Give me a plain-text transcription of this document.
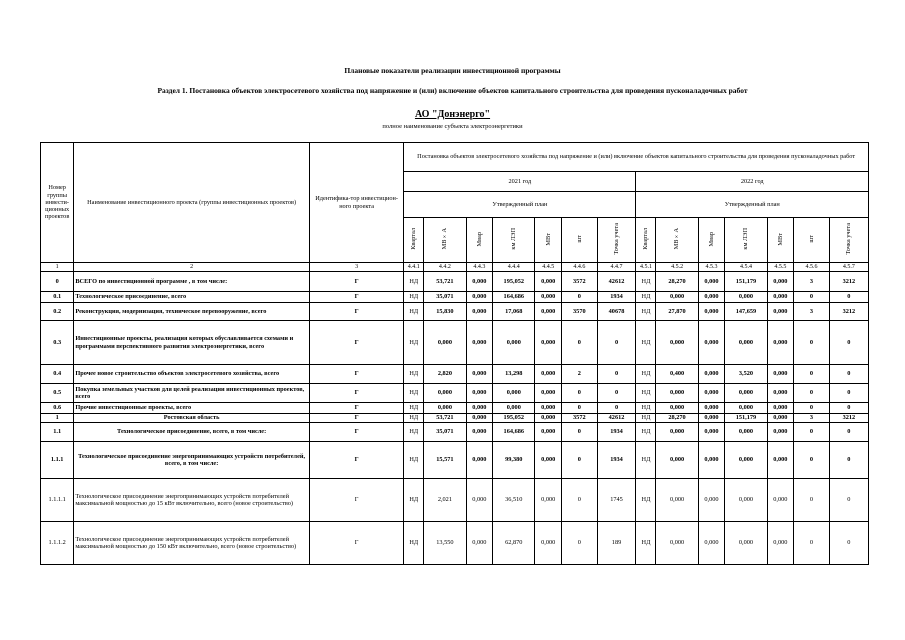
Плановые показатели реализации инвестиционной программы
Раздел 1. Постановка объектов электросетевого хозяйства под напряжение и (или) включение объектов капитального строительства для проведения пусконаладочных работ
АО "Донэнерго"
полное наименование субъекта электроэнергетики
Номер группы инвести-ционных проектов	Наименование инвестиционного проекта (группы инвестиционных проектов)	Идентифика-тор инвестицион-ного проекта	Постановка объектов электросетевого хозяйства под напряжение и (или) включение объектов капитального строительства для проведения пусконаладочных работ													
			2021 год							2022 год						
			Утвержденный план							Утвержденный план						
			Квартал	МВ×А	Мвар	км ЛЭП	МВт	шт	Точка учета	Квартал	МВ×А	Мвар	км ЛЭП	МВт	шт	Точка учета
1	2	3	4.4.1	4.4.2	4.4.3	4.4.4	4.4.5	4.4.6	4.4.7	4.5.1	4.5.2	4.5.3	4.5.4	4.5.5	4.5.6	4.5.7
0	ВСЕГО по инвестиционной программе , в том числе:	Г	НД	53,721	0,000	195,052	0,000	3572	42612	НД	28,270	0,000	151,179	0,000	3	3212
0.1	Технологическое присоединение, всего	Г	НД	35,071	0,000	164,686	0,000	0	1934	НД	0,000	0,000	0,000	0,000	0	0
0.2	Реконструкция, модернизация, техническое перевооружение, всего	Г	НД	15,830	0,000	17,068	0,000	3570	40678	НД	27,870	0,000	147,659	0,000	3	3212
0.3	Инвестиционные проекты, реализация которых обуславливается схемами и программами перспективного развития электроэнергетики, всего	Г	НД	0,000	0,000	0,000	0,000	0	0	НД	0,000	0,000	0,000	0,000	0	0
0.4	Прочее новое строительство объектов электросетевого хозяйства, всего	Г	НД	2,820	0,000	13,298	0,000	2	0	НД	0,400	0,000	3,520	0,000	0	0
0.5	Покупка земельных участков для целей реализации инвестиционных проектов, всего	Г	НД	0,000	0,000	0,000	0,000	0	0	НД	0,000	0,000	0,000	0,000	0	0
0.6	Прочие инвестиционные проекты, всего	Г	НД	0,000	0,000	0,000	0,000	0	0	НД	0,000	0,000	0,000	0,000	0	0
1	Ростовская область	Г	НД	53,721	0,000	195,052	0,000	3572	42612	НД	28,270	0,000	151,179	0,000	3	3212
1.1	Технологическое присоединение, всего, в том числе:	Г	НД	35,071	0,000	164,686	0,000	0	1934	НД	0,000	0,000	0,000	0,000	0	0
1.1.1	Технологическое присоединение энергопринимающих устройств потребителей, всего, в том числе:	Г	НД	15,571	0,000	99,380	0,000	0	1934	НД	0,000	0,000	0,000	0,000	0	0
1.1.1.1	Технологическое присоединение энергопринимающих устройств потребителей максимальной мощностью до 15 кВт включительно, всего (новое строительство)	Г	НД	2,021	0,000	36,510	0,000	0	1745	НД	0,000	0,000	0,000	0,000	0	0
1.1.1.2	Технологическое присоединение энергопринимающих устройств потребителей максимальной мощностью до 150 кВт включительно, всего (новое строительство)	Г	НД	13,550	0,000	62,870	0,000	0	189	НД	0,000	0,000	0,000	0,000	0	0
